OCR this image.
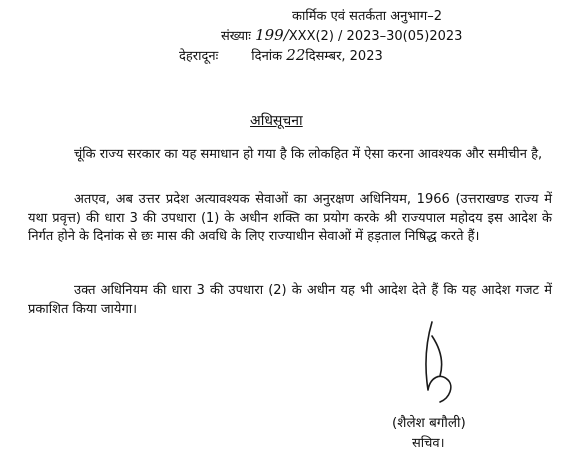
कार्मिक एवं सतर्कता अनुभाग–2
संख्याः 199/XXX(2) / 2023–30(05)2023
देहरादूनः	दिनांक 22दिसम्बर, 2023
अधिसूचना
चूंकि राज्य सरकार का यह समाधान हो गया है कि लोकहित में ऐसा करना आवश्यक और समीचीन है,
अतएव, अब उत्तर प्रदेश अत्यावश्यक सेवाओं का अनुरक्षण अधिनियम, 1966 (उत्तराखण्ड राज्य में यथा प्रवृत्त) की धारा 3 की उपधारा (1) के अधीन शक्ति का प्रयोग करके श्री राज्यपाल महोदय इस आदेश के निर्गत होने के दिनांक से छः मास की अवधि के लिए राज्याधीन सेवाओं में हड़ताल निषिद्ध करते हैं।
उक्त अधिनियम की धारा 3 की उपधारा (2) के अधीन यह भी आदेश देते हैं कि यह आदेश गजट में प्रकाशित किया जायेगा।
(शैलेश बगौली)
सचिव।
